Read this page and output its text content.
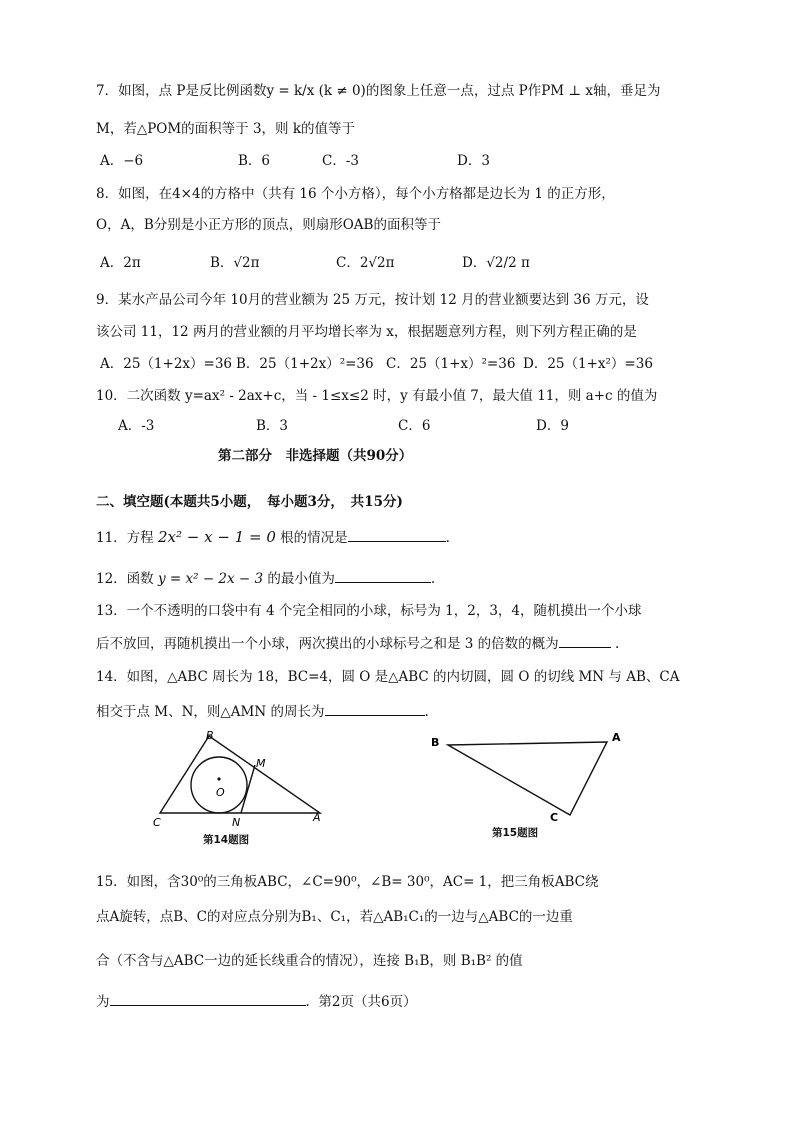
7．如图，点 P是反比例函数y = k/x (k ≠ 0)的图象上任意一点，过点 P作PM ⊥ x轴，垂足为
M，若△POM的面积等于 3，则 k的值等于
A．−6	B．6	C．-3	D．3
8．如图，在4×4的方格中（共有 16 个小方格），每个小方格都是边长为 1 的正方形，
O，A，B分别是小正方形的顶点，则扇形OAB的面积等于
A．2π	B．√2π	C．2√2π	D．√2/2 π
9．某水产品公司今年 10月的营业额为 25 万元，按计划 12 月的营业额要达到 36 万元，设
该公司 11，12 两月的营业额的月平均增长率为 x，根据题意列方程，则下列方程正确的是
A．25（1+2x）=36 B．25（1+2x）²=36 C．25（1+x）²=36 D．25（1+x²）=36
10．二次函数 y=ax² - 2ax+c，当 - 1≤x≤2 时，y 有最小值 7，最大值 11，则 a+c 的值为
A．-3	B．3	C．6	D．9
第二部分　非选择题（共90分）
二、填空题(本题共5小题，　每小题3分，　共15分)
11．方程 2x² − x − 1 = 0 根的情况是	.
12．函数 y = x² − 2x − 3 的最小值为	.
13．一个不透明的口袋中有 4 个完全相同的小球，标号为 1，2，3，4，随机摸出一个小球
后不放回，再随机摸出一个小球，两次摸出的小球标号之和是 3 的倍数的概为	.
14．如图，△ABC 周长为 18，BC=4，圆 O 是△ABC 的内切圆，圆 O 的切线 MN 与 AB、CA
相交于点 M、N，则△AMN 的周长为	.
B
M
O
C	N	A
第14题图
B	A
C
第15题图
15．如图，含30⁰的三角板ABC，∠C=90⁰，∠B= 30⁰，AC= 1，把三角板ABC绕
点A旋转，点B、C的对应点分别为B₁、C₁，若△AB₁C₁的一边与△ABC的一边重
合（不含与△ABC一边的延长线重合的情况），连接 B₁B，则 B₁B² 的值
为	. 第2页（共6页）
